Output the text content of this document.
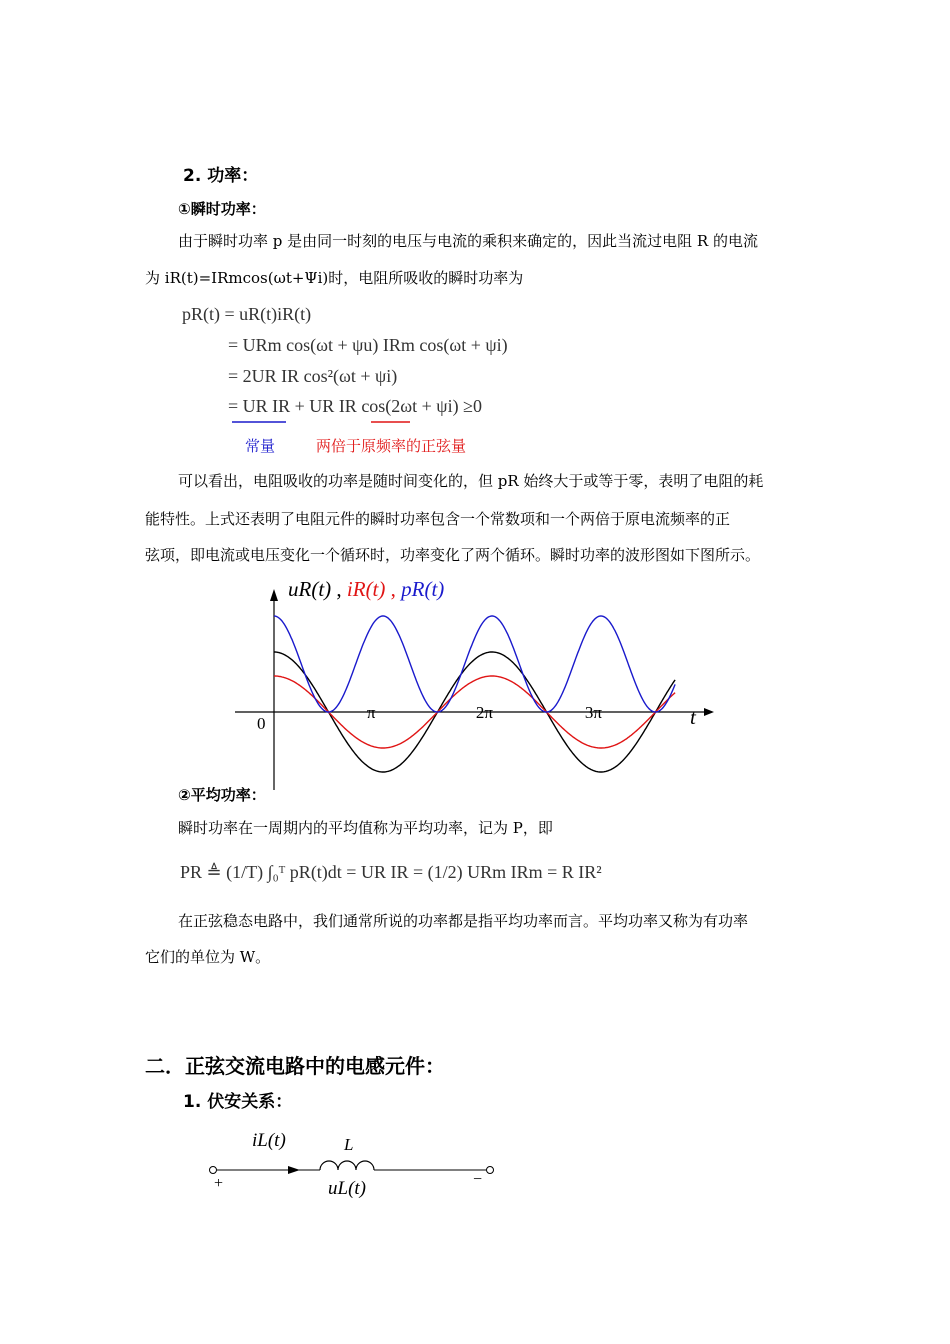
2. 功率：
①瞬时功率：
由于瞬时功率 p 是由同一时刻的电压与电流的乘积来确定的，因此当流过电阻 R 的电流
为 iR(t)=IRmcos(ωt+Ψi)时，电阻所吸收的瞬时功率为
pR(t) = uR(t)iR(t)
= URm cos(ωt + ψu) IRm cos(ωt + ψi)
= 2UR IR cos²(ωt + ψi)
= UR IR + UR IR cos(2ωt + ψi) ≥0
常量	两倍于原频率的正弦量
可以看出，电阻吸收的功率是随时间变化的，但 pR 始终大于或等于零，表明了电阻的耗
能特性。上式还表明了电阻元件的瞬时功率包含一个常数项和一个两倍于原电流频率的正
弦项，即电流或电压变化一个循环时，功率变化了两个循环。瞬时功率的波形图如下图所示。
0
π	2π	3π	t
uR(t) , iR(t) , pR(t)
②平均功率：
瞬时功率在一周期内的平均值称为平均功率，记为 P，即
PR ≜ (1/T) ∫₀ᵀ pR(t)dt = UR IR = (1/2) URm IRm = R IR²
在正弦稳态电路中，我们通常所说的功率都是指平均功率而言。平均功率又称为有功率
它们的单位为 W。
二．正弦交流电路中的电感元件：
1. 伏安关系：
iL(t)	L
uL(t)
+	−
